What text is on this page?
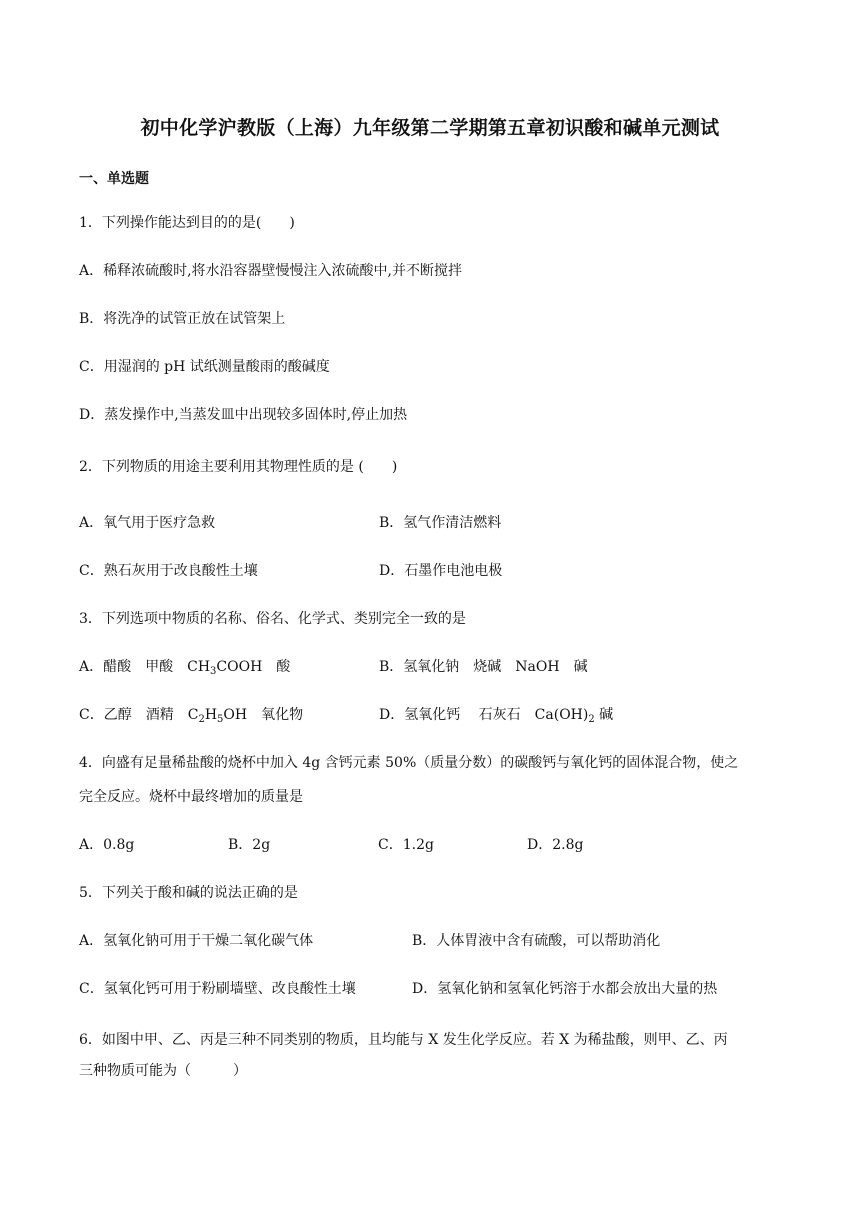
初中化学沪教版（上海）九年级第二学期第五章初识酸和碱单元测试
一、单选题
1．下列操作能达到目的的是(　　)
A．稀释浓硫酸时,将水沿容器壁慢慢注入浓硫酸中,并不断搅拌
B．将洗净的试管正放在试管架上
C．用湿润的 pH 试纸测量酸雨的酸碱度
D．蒸发操作中,当蒸发皿中出现较多固体时,停止加热
2．下列物质的用途主要利用其物理性质的是 (　　)
A．氧气用于医疗急救	B．氢气作清洁燃料
C．熟石灰用于改良酸性土壤	D．石墨作电池电极
3．下列选项中物质的名称、俗名、化学式、类别完全一致的是
A．醋酸　甲酸　$CH_3COOH$　酸	B．氢氧化钠　烧碱　NaOH　碱
C．乙醇　酒精　$C_2H_5OH$　氧化物	D．氢氧化钙　 石灰石　$Ca(OH)_2$ 碱
4．向盛有足量稀盐酸的烧杯中加入 4g 含钙元素 50%（质量分数）的碳酸钙与氧化钙的固体混合物，使之
完全反应。烧杯中最终增加的质量是
A．0.8g	B．2g	C．1.2g	D．2.8g
5．下列关于酸和碱的说法正确的是
A．氢氧化钠可用于干燥二氧化碳气体	B．人体胃液中含有硫酸，可以帮助消化
C．氢氧化钙可用于粉刷墙壁、改良酸性土壤	D．氢氧化钠和氢氧化钙溶于水都会放出大量的热
6．如图中甲、乙、丙是三种不同类别的物质，且均能与 X 发生化学反应。若 X 为稀盐酸，则甲、乙、丙
三种物质可能为（　　　）
